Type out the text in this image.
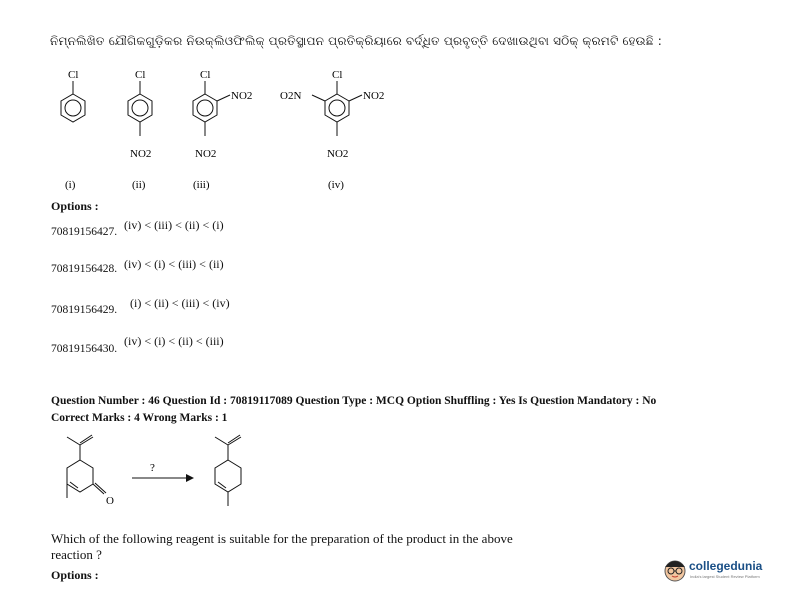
ନିମ୍ନଲିଖିତ ଯୌଗିକଗୁଡ଼ିକର ନିଉକ୍ଲିଓଫିଲିକ୍ ପ୍ରତିସ୍ଥାପନ ପ୍ରତିକ୍ରିୟାରେ ବର୍ଦ୍ଧିତ ପ୍ରବୃତ୍ତି ଦେଖାଉଥିବା ସଠିକ୍ କ୍ରମଟି ହେଉଛି :
Cl	Cl
NO2
Cl
NO2
NO2
Cl
NO2
O2N
NO2
(i)	(ii)	(iii)	(iv)
Options :
70819156427. (iv) < (iii) < (ii) < (i)
70819156428. (iv) < (i) < (iii) < (ii)
70819156429. (i) < (ii) < (iii) < (iv)
70819156430.
(iv) < (i) < (ii) < (iii)
Question Number : 46 Question Id : 70819117089 Question Type : MCQ Option Shuffling : Yes Is Question Mandatory : No
Correct Marks : 4 Wrong Marks : 1
O
?
Which of the following reagent is suitable for the preparation of the product in the above
reaction ?
Options :
collegedunia
India's largest Student Review Platform
